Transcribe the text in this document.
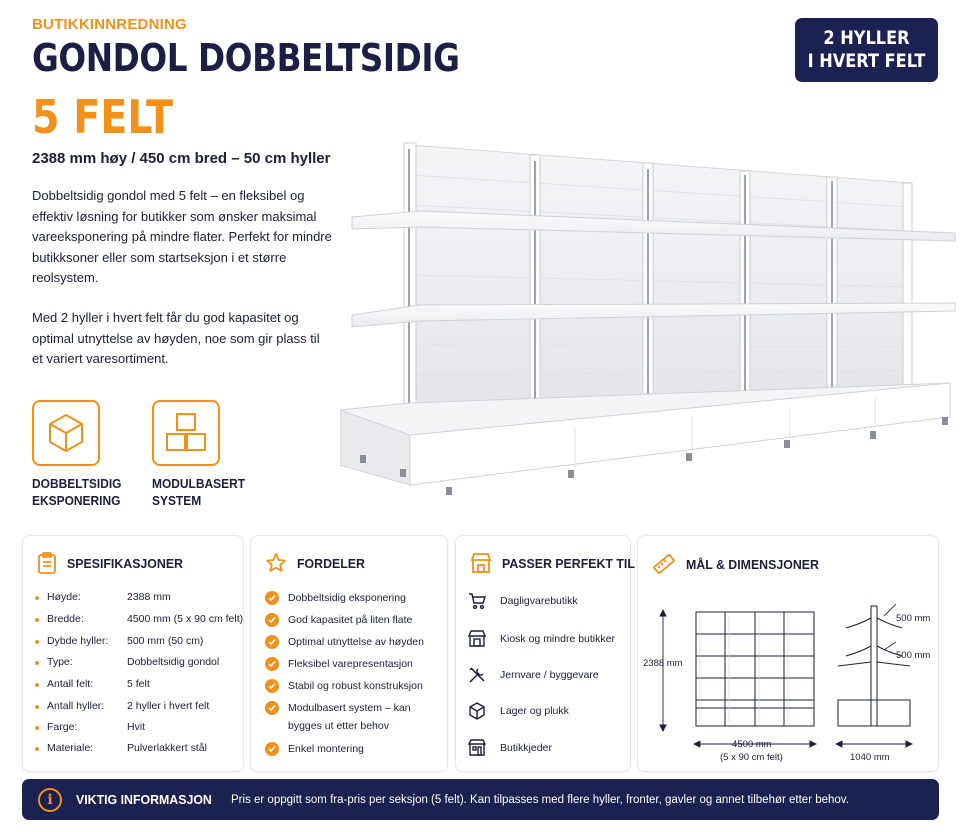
BUTIKKINNREDNING
GONDOL DOBBELTSIDIG
5 FELT
2388 mm høy / 450 cm bred – 50 cm hyller
2 HYLLER
I HVERT FELT
Dobbeltsidig gondol med 5 felt – en fleksibel og effektiv løsning for butikker som ønsker maksimal vareeksponering på mindre flater. Perfekt for mindre butikksoner eller som startseksjon i et større reolsystem.
Med 2 hyller i hvert felt får du god kapasitet og optimal utnyttelse av høyden, noe som gir plass til et variert varesortiment.
DOBBELTSIDIG
EKSPONERING
MODULBASERT
SYSTEM
SPESIFIKASJONER
Høyde:	2388 mm
Bredde:	4500 mm (5 x 90 cm felt)
Dybde hyller:	500 mm (50 cm)
Type:	Dobbeltsidig gondol
Antall felt:	5 felt
Antall hyller:	2 hyller i hvert felt
Farge:	Hvit
Materiale:	Pulverlakkert stål
FORDELER
Dobbeltsidig eksponering
God kapasitet på liten flate
Optimal utnyttelse av høyden
Fleksibel varepresentasjon
Stabil og robust konstruksjon
Modulbasert system – kan bygges ut etter behov
Enkel montering
PASSER PERFEKT TIL
Dagligvarebutikk
Kiosk og mindre butikker
Jernvare / byggevare
Lager og plukk
Butikkjeder
MÅL & DIMENSJONER
2388 mm
4500 mm
(5 x 90 cm felt)
500 mm
500 mm
1040 mm
i	VIKTIG INFORMASJON Pris er oppgitt som fra-pris per seksjon (5 felt). Kan tilpasses med flere hyller, fronter, gavler og annet tilbehør etter behov.
